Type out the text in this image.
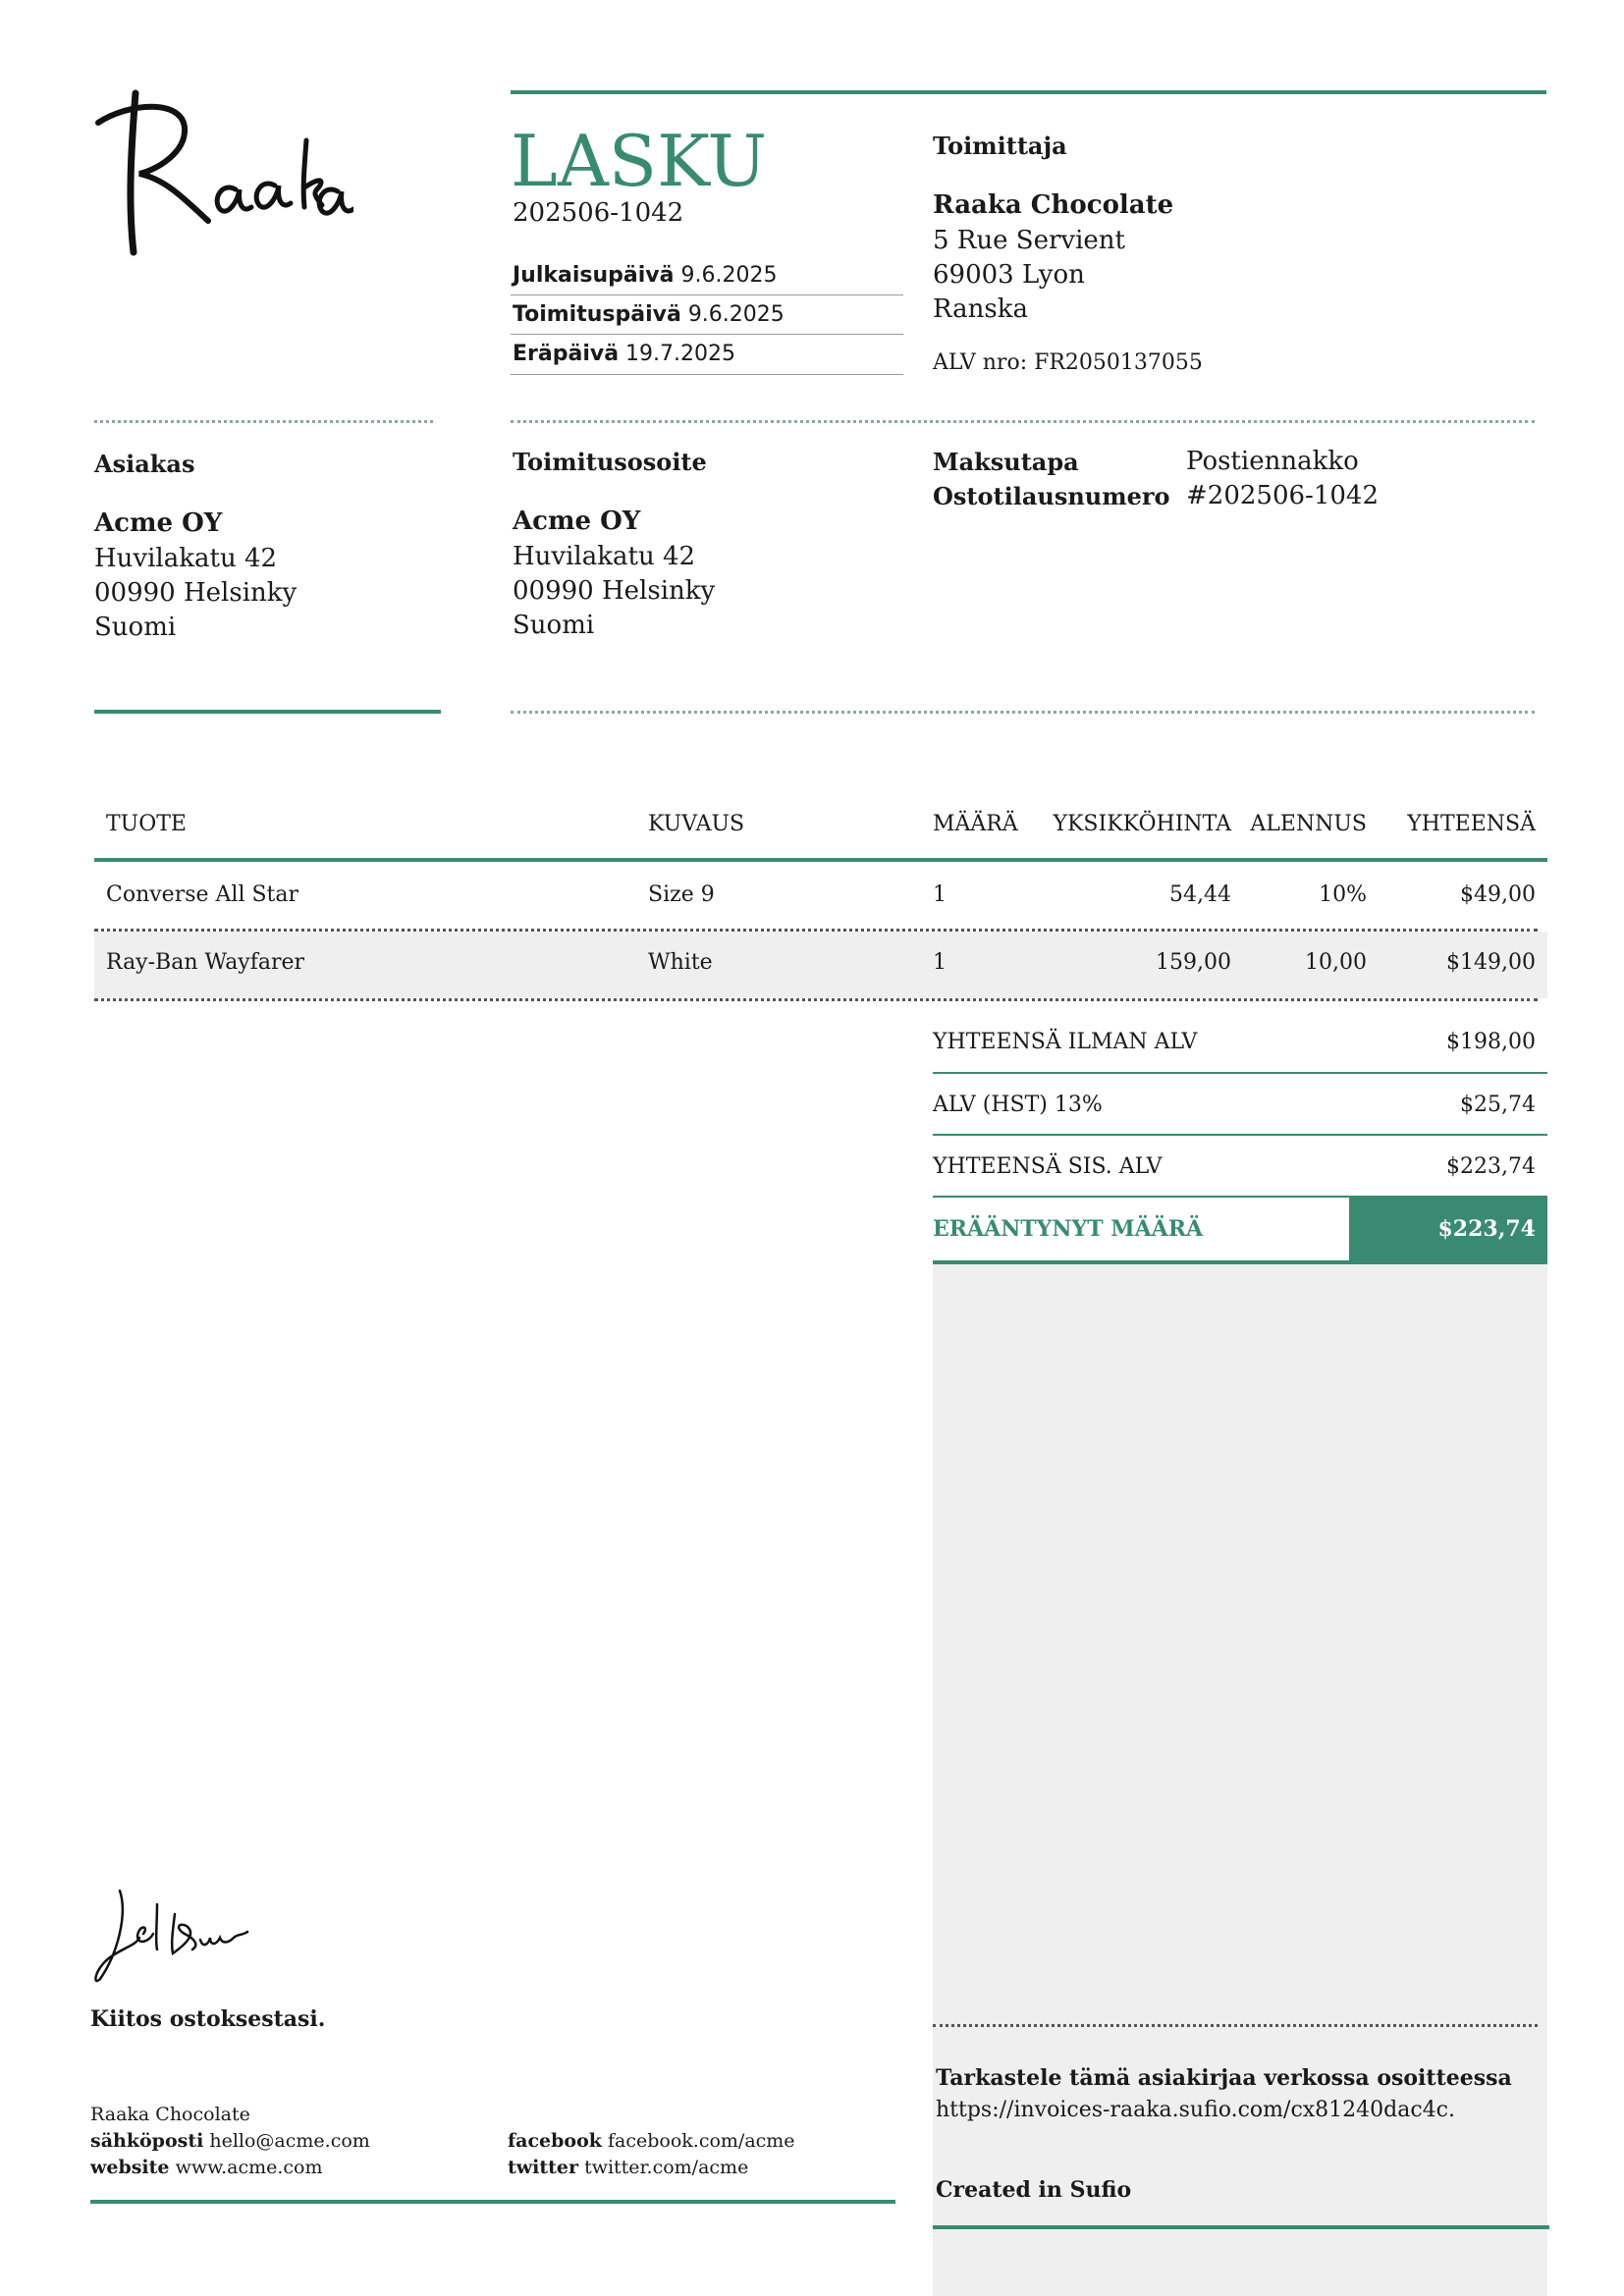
LASKU
202506-1042
Julkaisupäivä 9.6.2025
Toimituspäivä 9.6.2025
Eräpäivä 19.7.2025
Toimittaja
Raaka Chocolate
5 Rue Servient
69003 Lyon
Ranska
ALV nro: FR2050137055
Asiakas
Acme OY
Huvilakatu 42
00990 Helsinky
Suomi
Toimitusosoite
Acme OY
Huvilakatu 42
00990 Helsinky
Suomi
Maksutapa	Postiennakko
Ostotilausnumero #202506-1042
TUOTE	KUVAUS	MÄÄRÄ	YKSIKKÖHINTA ALENNUS	YHTEENSÄ
Converse All Star	Size 9	1	54,44	10%	$49,00
Ray-Ban Wayfarer	White	1	159,00	10,00	$149,00
YHTEENSÄ ILMAN ALV	$198,00
ALV (HST) 13%	$25,74
YHTEENSÄ SIS. ALV	$223,74
ERÄÄNTYNYT MÄÄRÄ	$223,74
Tarkastele tämä asiakirjaa verkossa osoitteessa
https://invoices-raaka.sufio.com/cx81240dac4c.
Created in Sufio
Kiitos ostoksestasi.
Raaka Chocolate
sähköposti hello@acme.com
website www.acme.com
facebook facebook.com/acme
twitter twitter.com/acme
